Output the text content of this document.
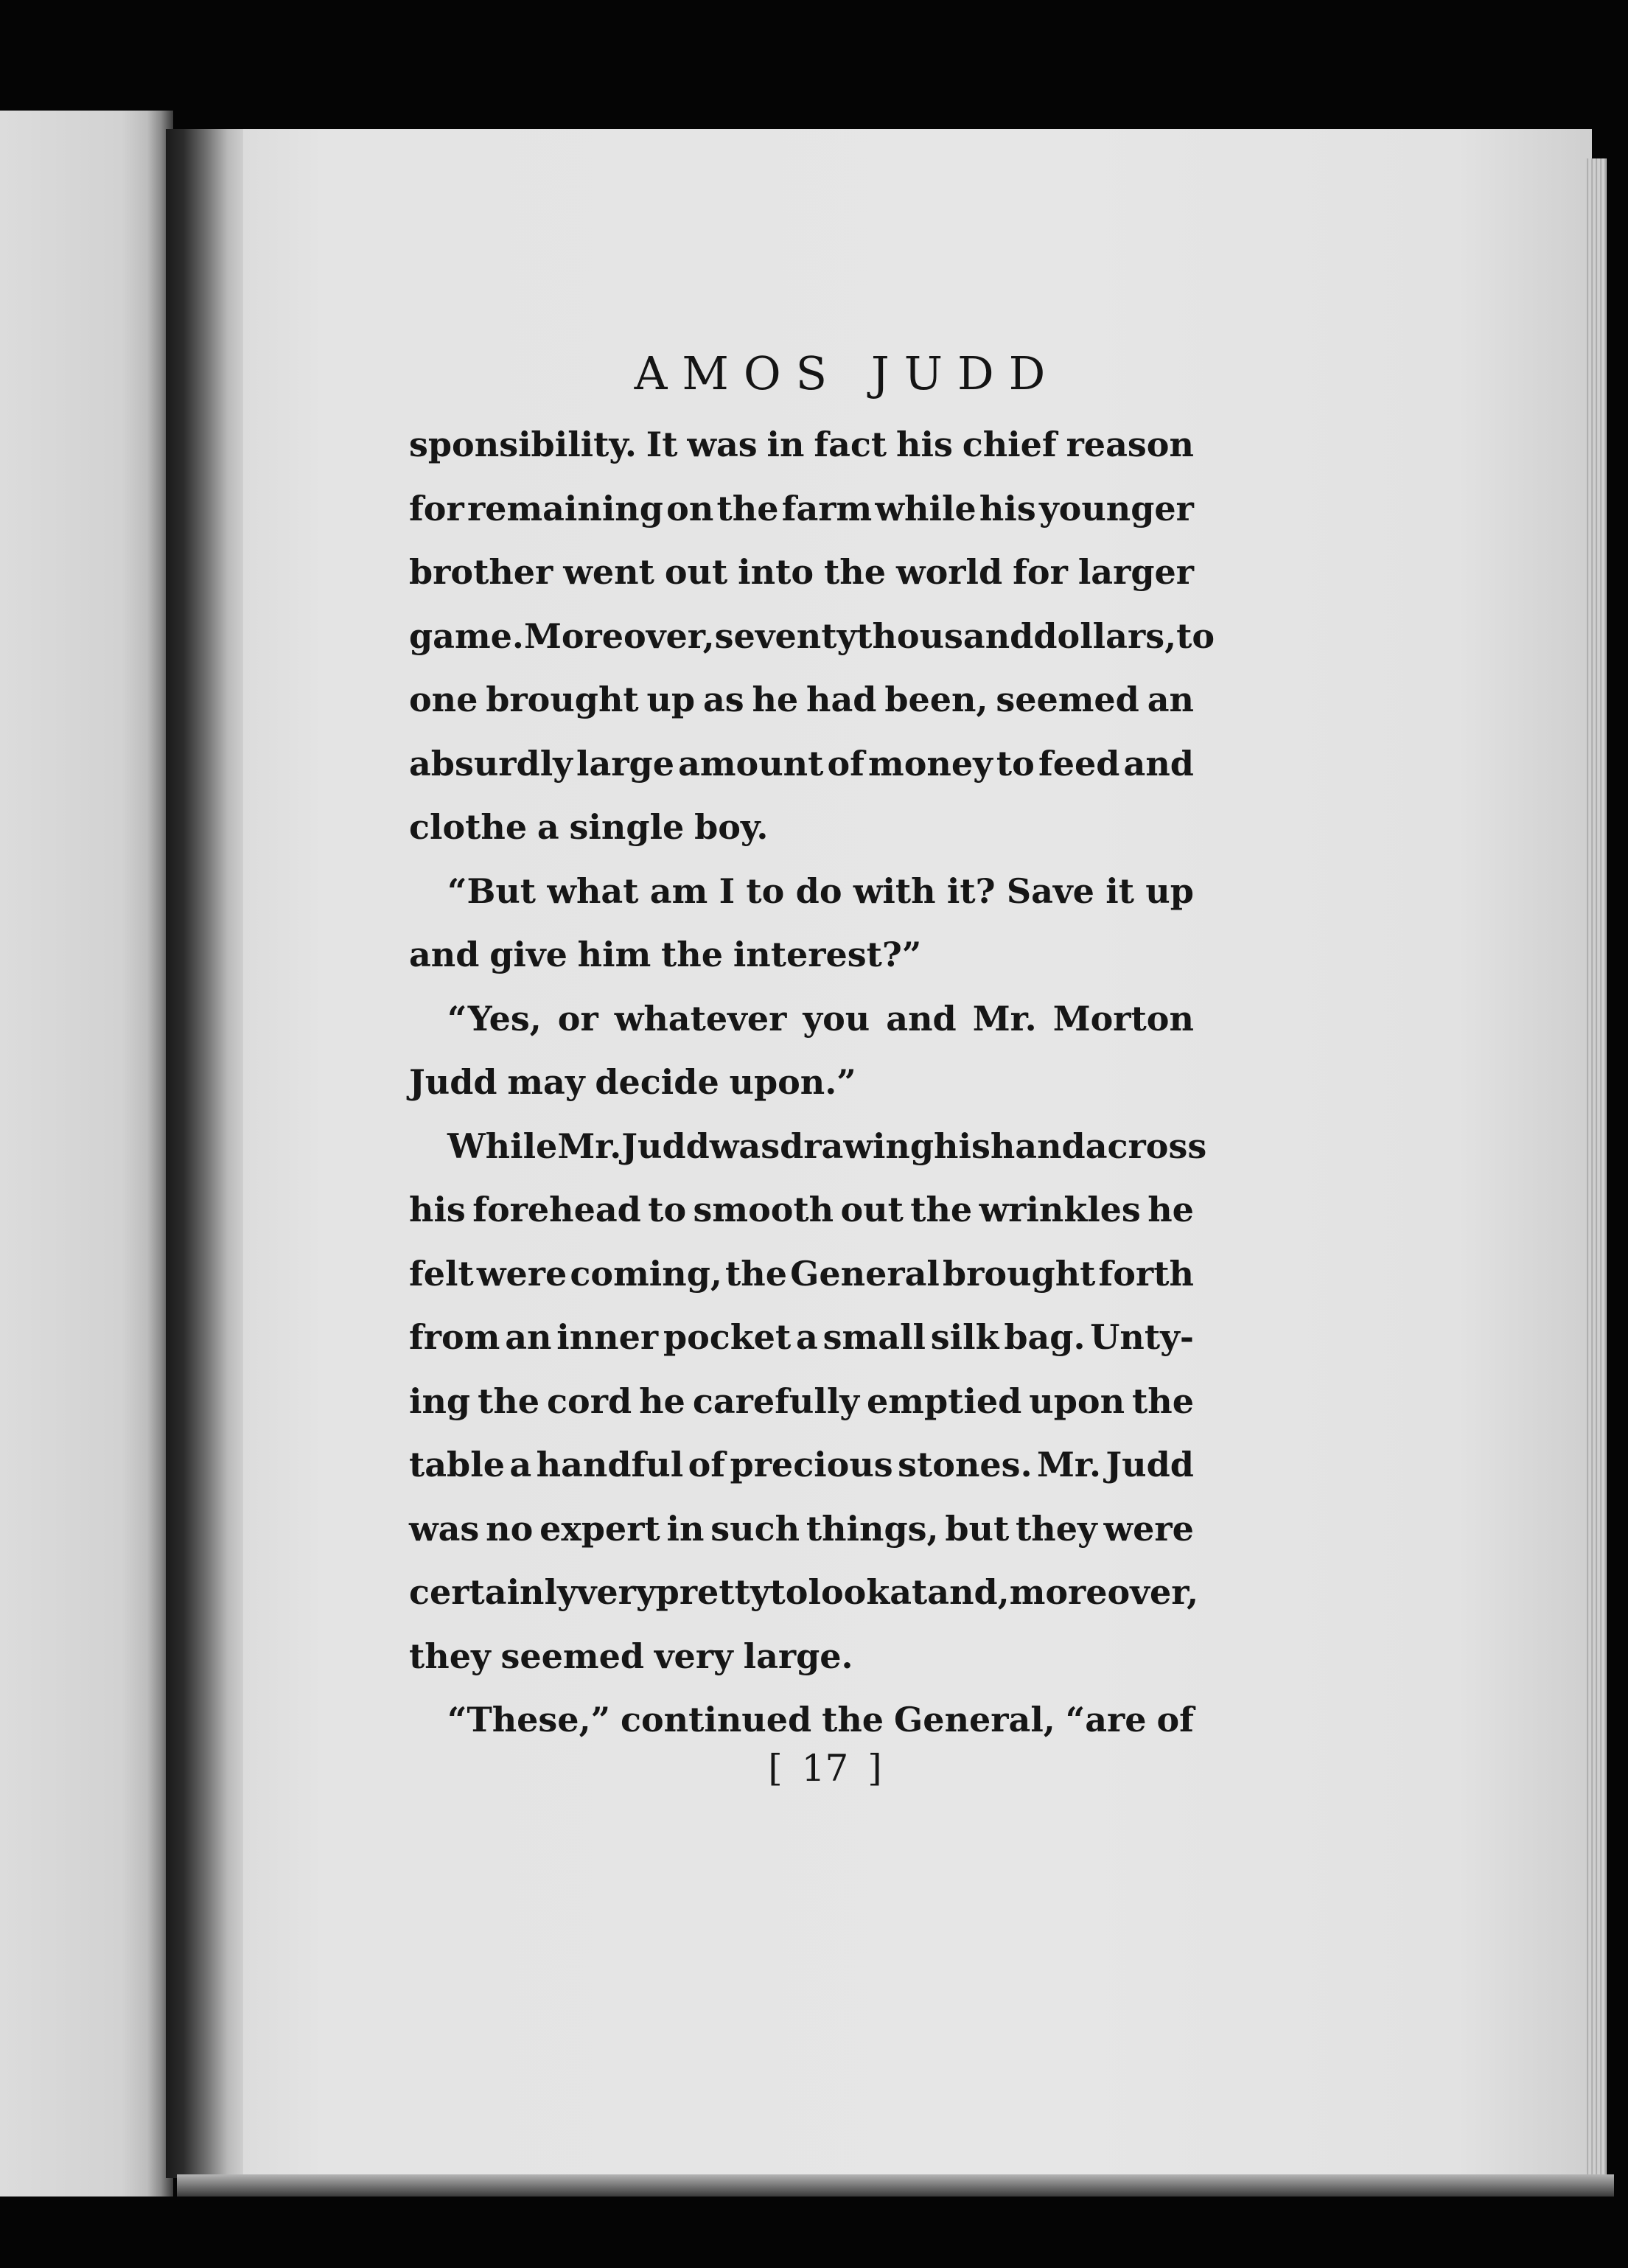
AMOS JUDD
sponsibility. It was in fact his chief reason
for remaining on the farm while his younger
brother went out into the world for larger
game. Moreover, seventy thousand dollars, to
one brought up as he had been, seemed an
absurdly large amount of money to feed and
clothe a single boy.
“But what am I to do with it? Save it up
and give him the interest?”
“Yes, or whatever you and Mr. Morton
Judd may decide upon.”
While Mr. Judd was drawing his hand across
his forehead to smooth out the wrinkles he
felt were coming, the General brought forth
from an inner pocket a small silk bag. Unty-
ing the cord he carefully emptied upon the
table a handful of precious stones. Mr. Judd
was no expert in such things, but they were
certainly very pretty to look at and, moreover,
they seemed very large.
“These,” continued the General, “are of
[ 17 ]
